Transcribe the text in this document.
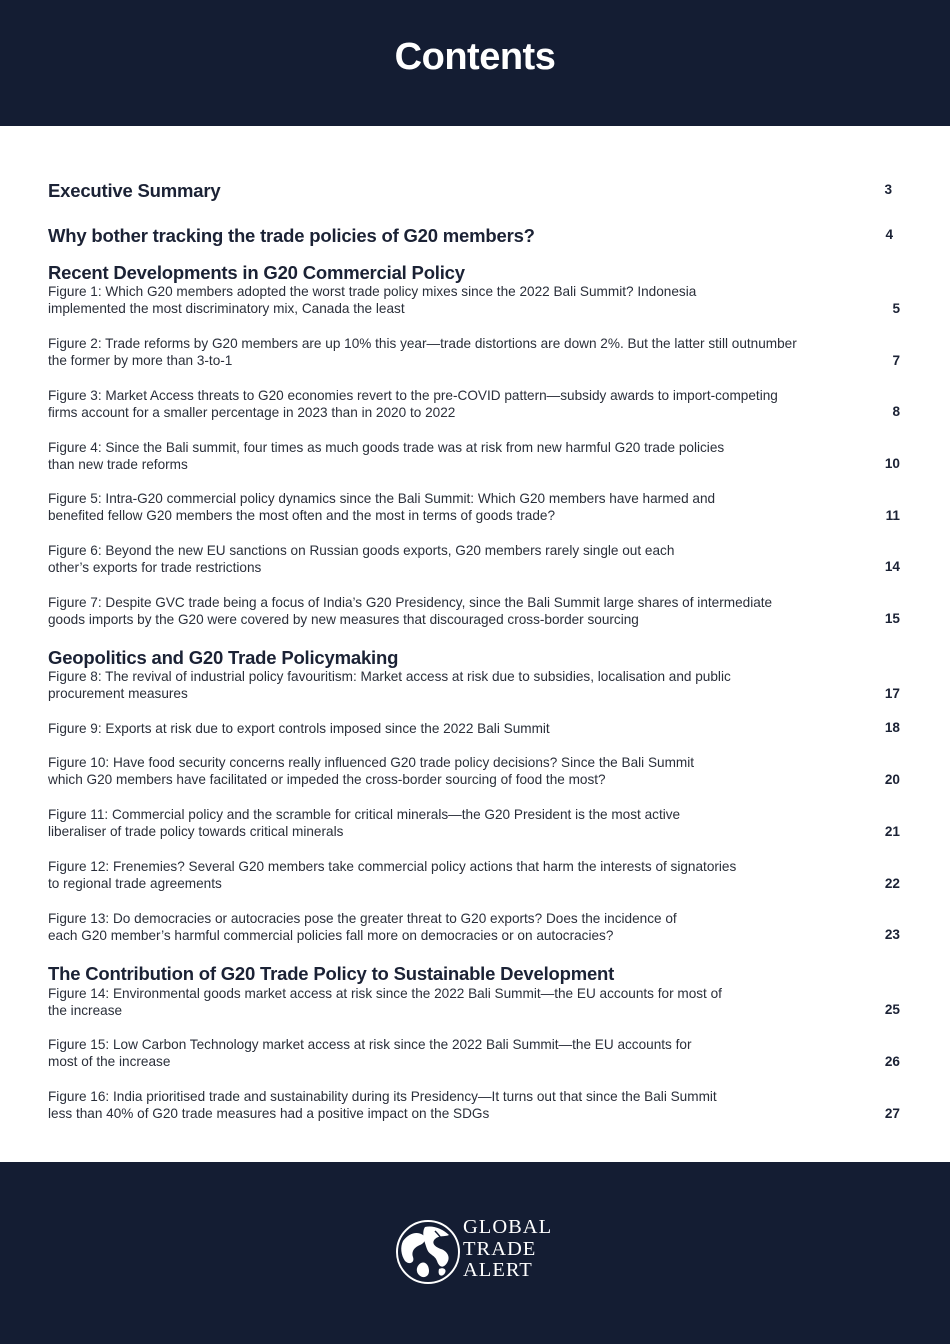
Contents
Executive Summary	3
Why bother tracking the trade policies of G20 members?	4
Recent Developments in G20 Commercial Policy
Figure 1: Which G20 members adopted the worst trade policy mixes since the 2022 Bali Summit? Indonesia
implemented the most discriminatory mix, Canada the least	5
Figure 2: Trade reforms by G20 members are up 10% this year—trade distortions are down 2%. But the latter still outnumber
the former by more than 3-to-1	7
Figure 3: Market Access threats to G20 economies revert to the pre-COVID pattern—subsidy awards to import-competing
firms account for a smaller percentage in 2023 than in 2020 to 2022	8
Figure 4: Since the Bali summit, four times as much goods trade was at risk from new harmful G20 trade policies
than new trade reforms	10
Figure 5: Intra-G20 commercial policy dynamics since the Bali Summit: Which G20 members have harmed and
benefited fellow G20 members the most often and the most in terms of goods trade?	11
Figure 6: Beyond the new EU sanctions on Russian goods exports, G20 members rarely single out each
other’s exports for trade restrictions	14
Figure 7: Despite GVC trade being a focus of India’s G20 Presidency, since the Bali Summit large shares of intermediate
goods imports by the G20 were covered by new measures that discouraged cross-border sourcing	15
Geopolitics and G20 Trade Policymaking
Figure 8: The revival of industrial policy favouritism: Market access at risk due to subsidies, localisation and public
procurement measures	17
Figure 9: Exports at risk due to export controls imposed since the 2022 Bali Summit	18
Figure 10: Have food security concerns really influenced G20 trade policy decisions? Since the Bali Summit
which G20 members have facilitated or impeded the cross-border sourcing of food the most?	20
Figure 11: Commercial policy and the scramble for critical minerals—the G20 President is the most active
liberaliser of trade policy towards critical minerals	21
Figure 12: Frenemies? Several G20 members take commercial policy actions that harm the interests of signatories
to regional trade agreements	22
Figure 13: Do democracies or autocracies pose the greater threat to G20 exports? Does the incidence of
each G20 member’s harmful commercial policies fall more on democracies or on autocracies?	23
The Contribution of G20 Trade Policy to Sustainable Development
Figure 14: Environmental goods market access at risk since the 2022 Bali Summit—the EU accounts for most of
the increase	25
Figure 15: Low Carbon Technology market access at risk since the 2022 Bali Summit—the EU accounts for
most of the increase	26
Figure 16: India prioritised trade and sustainability during its Presidency—It turns out that since the Bali Summit
less than 40% of G20 trade measures had a positive impact on the SDGs	27
GLOBAL
TRADE
ALERT
